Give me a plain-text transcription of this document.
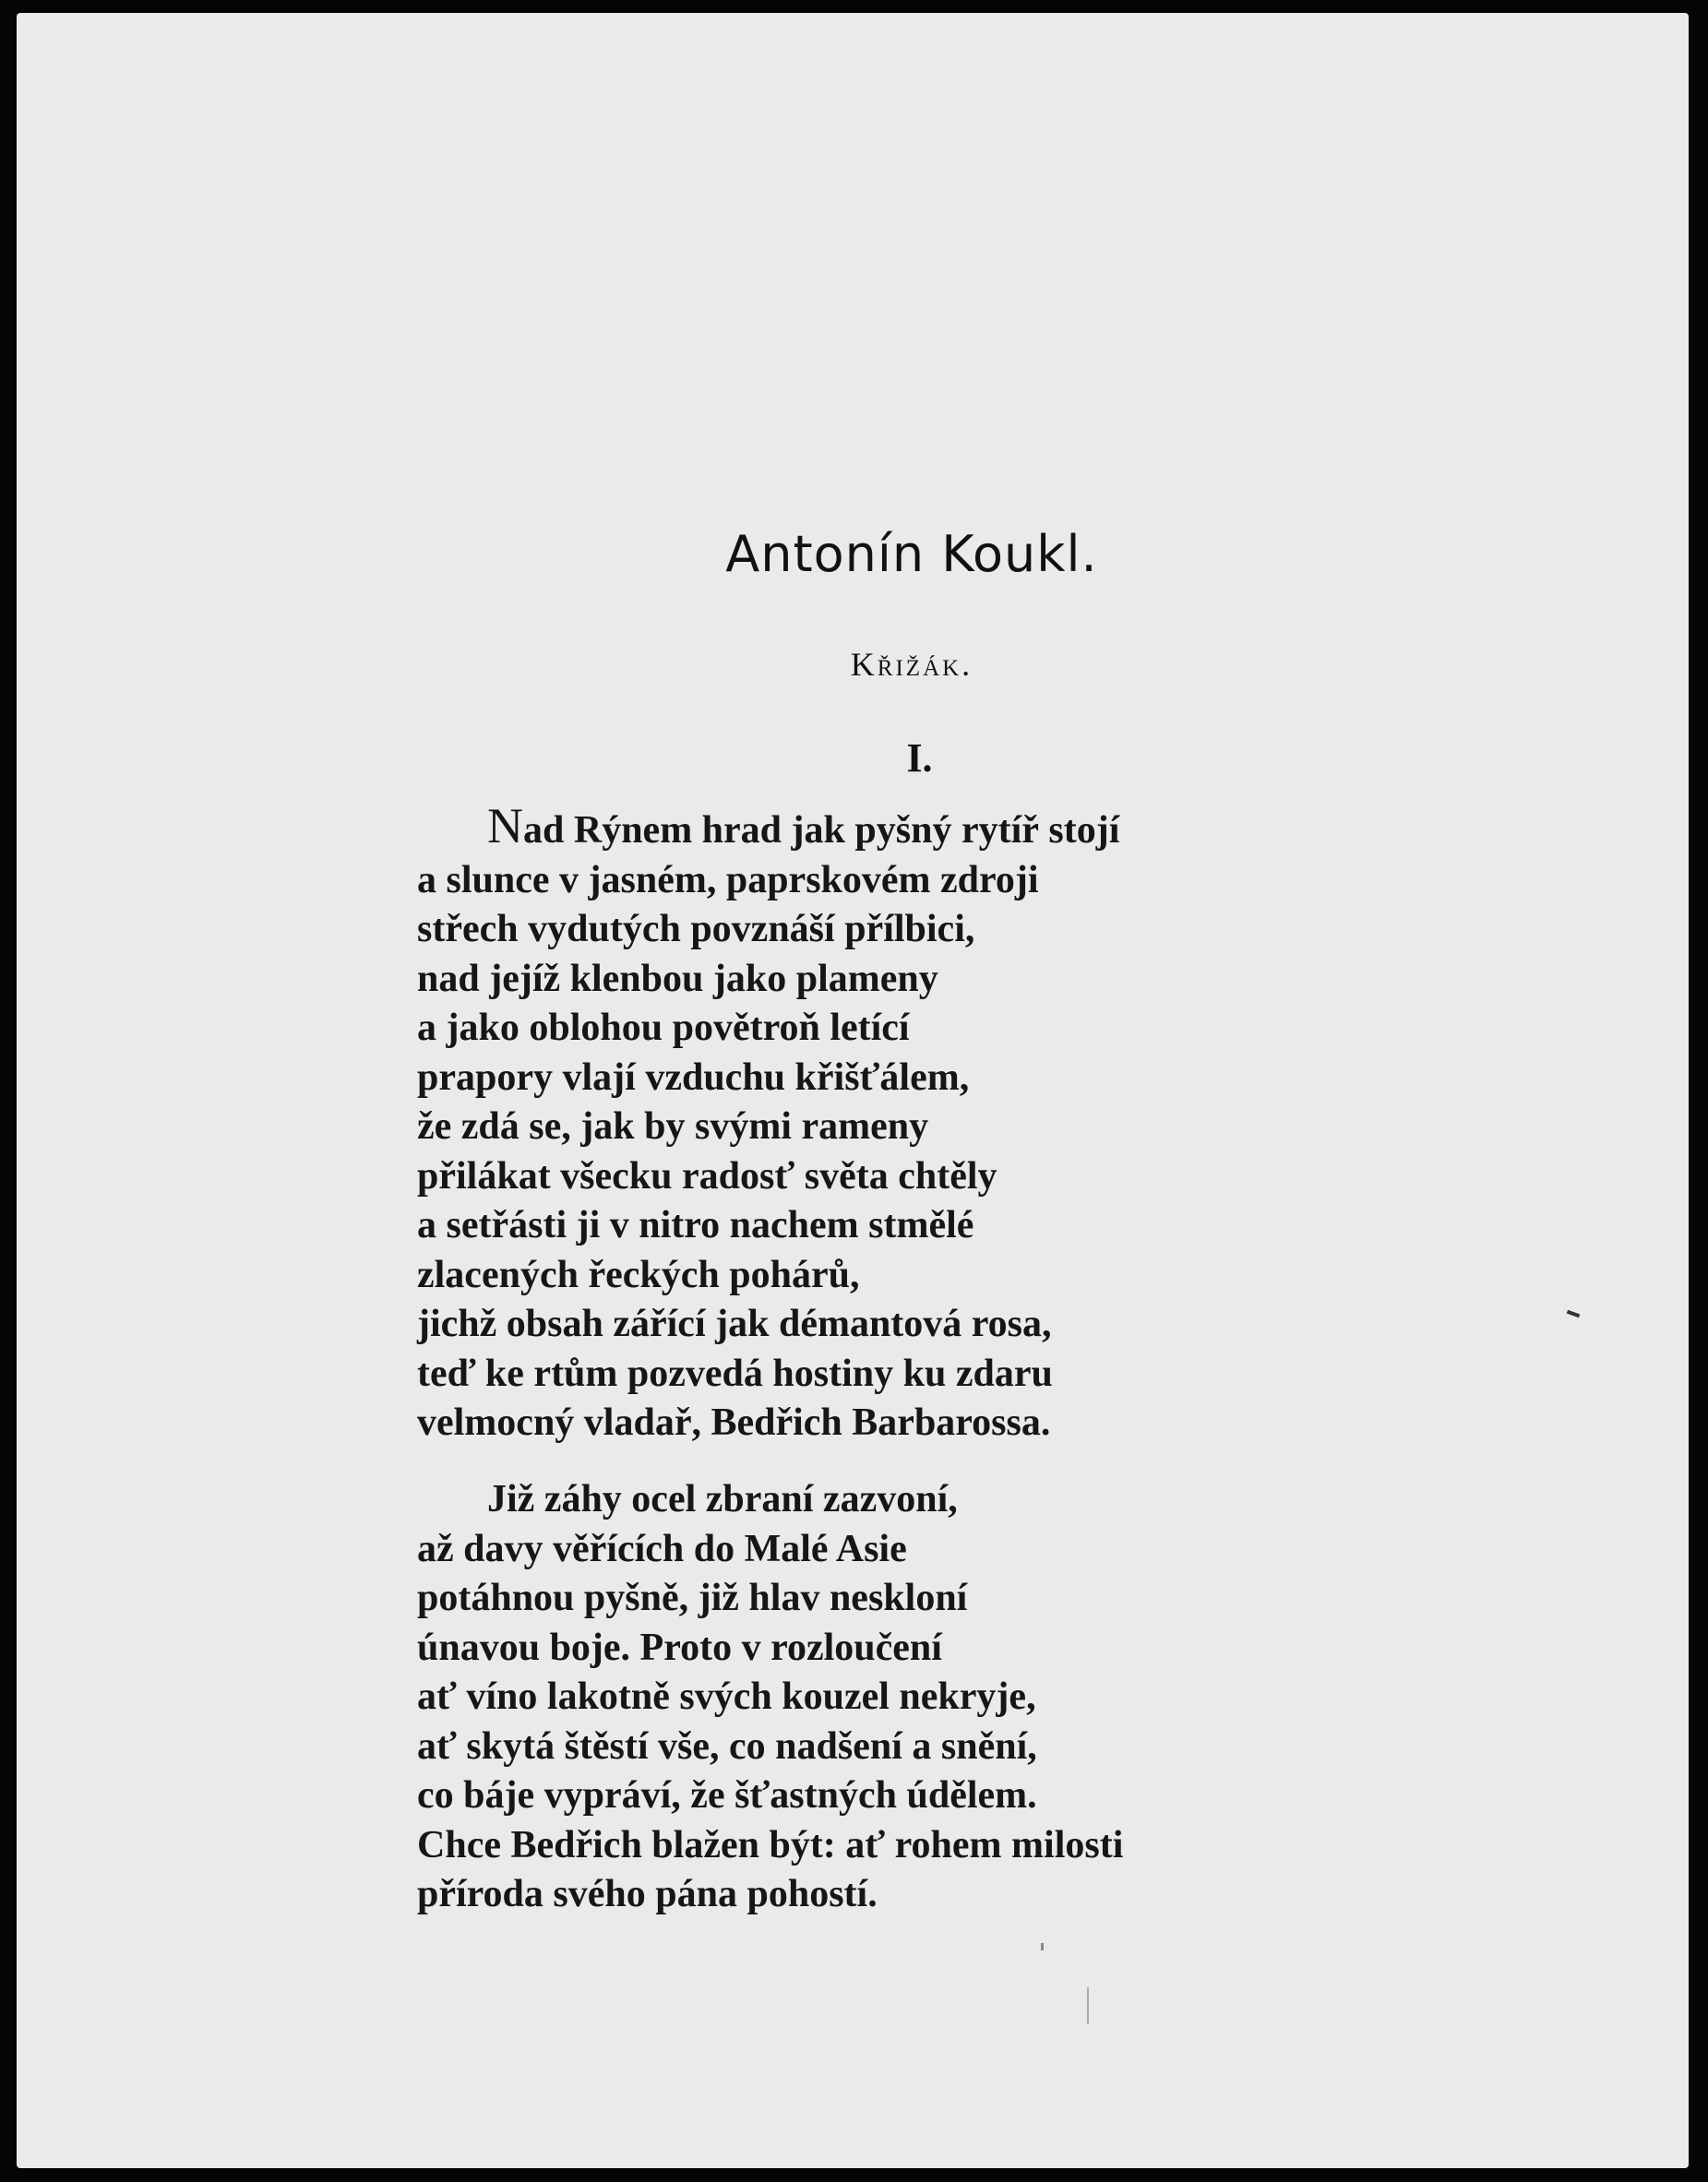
Antonín Koukl.
Křižák.
I.
Nad Rýnem hrad jak pyšný rytíř stojí
a slunce v jasném, paprskovém zdroji
střech vydutých povznáší přílbici,
nad jejíž klenbou jako plameny
a jako oblohou povětroň letící
prapory vlají vzduchu křišťálem,
že zdá se, jak by svými rameny
přilákat všecku radosť světa chtěly
a setřásti ji v nitro nachem stmělé
zlacených řeckých pohárů,
jichž obsah zářící jak démantová rosa,
teď ke rtům pozvedá hostiny ku zdaru
velmocný vladař, Bedřich Barbarossa.
Již záhy ocel zbraní zazvoní,
až davy věřících do Malé Asie
potáhnou pyšně, již hlav neskloní
únavou boje. Proto v rozloučení
ať víno lakotně svých kouzel nekryje,
ať skytá štěstí vše, co nadšení a snění,
co báje vypráví, že šťastných údělem.
Chce Bedřich blažen být: ať rohem milosti
příroda svého pána pohostí.
